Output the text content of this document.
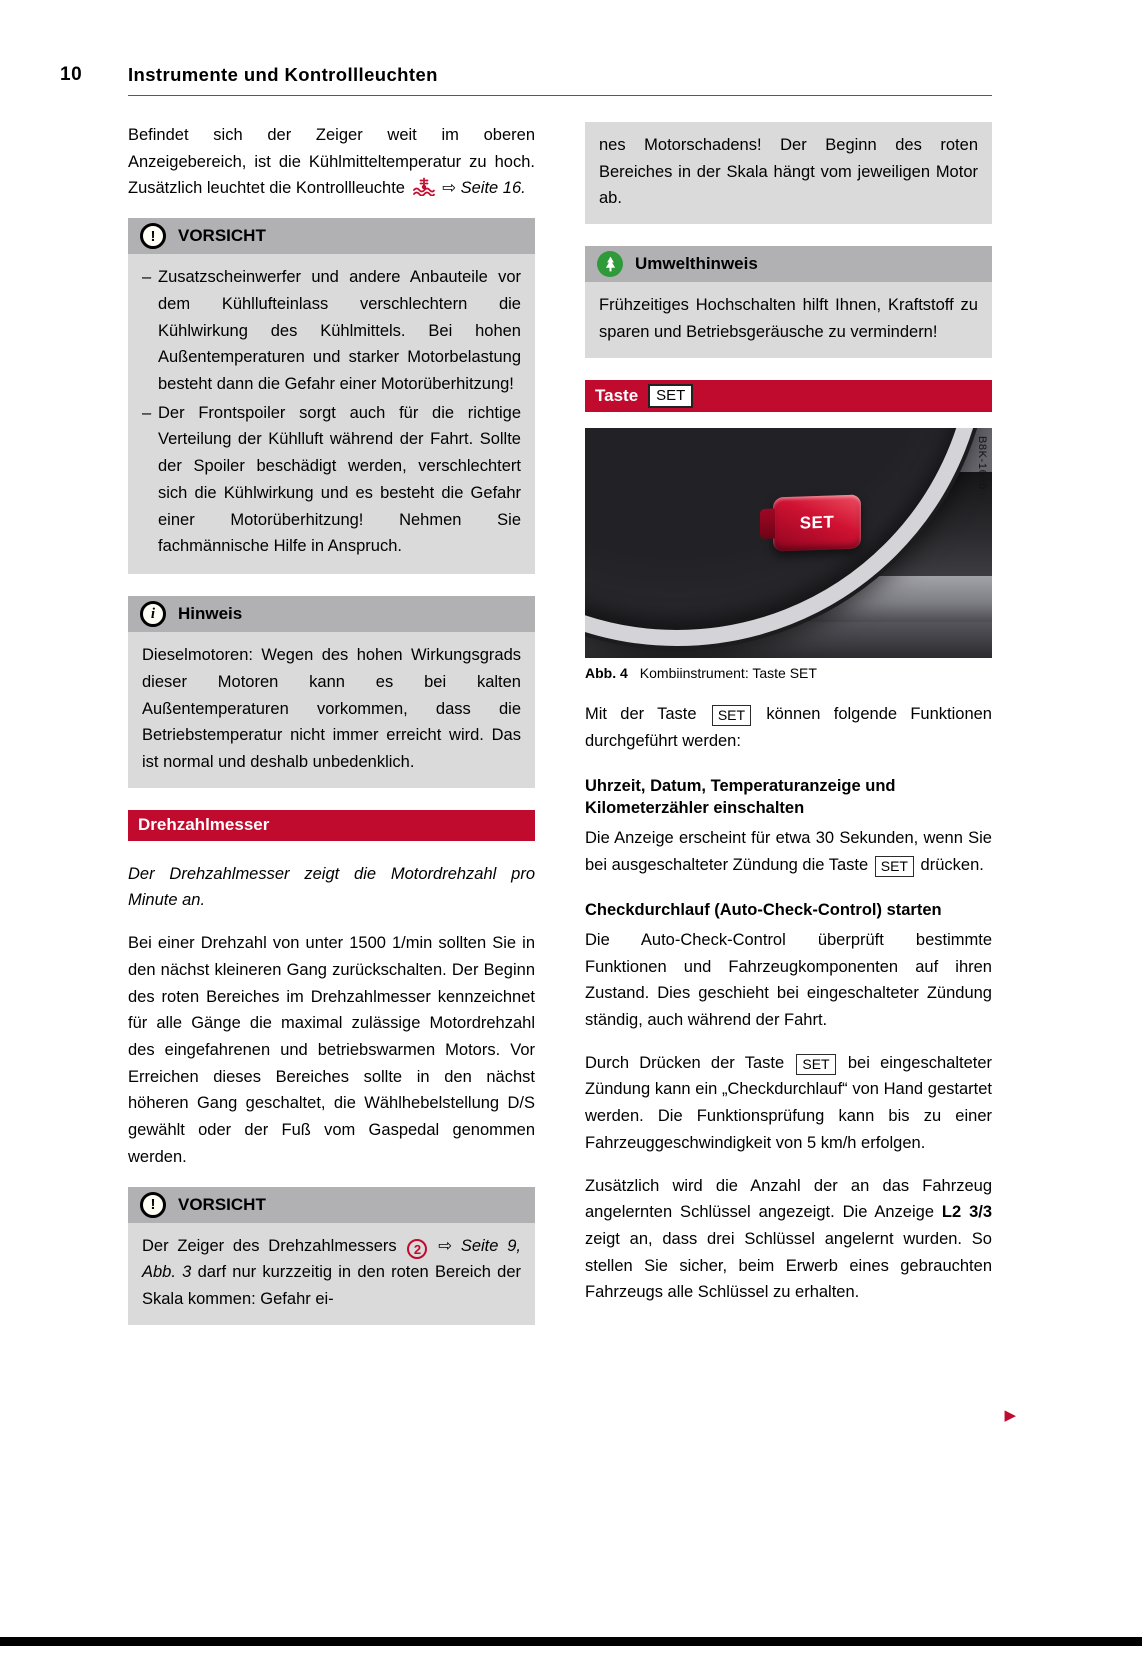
10 Instrumente und Kontrollleuchten

Befindet sich der Zeiger weit im oberen Anzeigebereich, ist die Kühlmitteltemperatur zu hoch. Zusätzlich leuchtet die Kontrollleuchte ⇨ Seite 16.

! VORSICHT
– Zusatzscheinwerfer und andere Anbauteile vor dem Kühllufteinlass verschlechtern die Kühlwirkung des Kühlmittels. Bei hohen Außentemperaturen und starker Motorbelastung besteht dann die Gefahr einer Motorüberhitzung!
– Der Frontspoiler sorgt auch für die richtige Verteilung der Kühlluft während der Fahrt. Sollte der Spoiler beschädigt werden, verschlechtert sich die Kühlwirkung und es besteht die Gefahr einer Motorüberhitzung! Nehmen Sie fachmännische Hilfe in Anspruch.
i Hinweis
Dieselmotoren: Wegen des hohen Wirkungsgrads dieser Motoren kann es bei kalten Außentemperaturen vorkommen, dass die Betriebstemperatur nicht immer erreicht wird. Das ist normal und deshalb unbedenklich.
Drehzahlmesser

Der Drehzahlmesser zeigt die Motordrehzahl pro Minute an.

Bei einer Drehzahl von unter 1500 1/min sollten Sie in den nächst kleineren Gang zurückschalten. Der Beginn des roten Bereiches im Drehzahlmesser kennzeichnet für alle Gänge die maximal zulässige Motordrehzahl des eingefahrenen und betriebswarmen Motors. Vor Erreichen dieses Bereiches sollte in den nächst höheren Gang geschaltet, die Wählhebelstellung D/S gewählt oder der Fuß vom Gaspedal genommen werden.

! VORSICHT
Der Zeiger des Drehzahlmessers 2 ⇨ Seite 9, Abb. 3 darf nur kurzzeitig in den roten Bereich der Skala kommen: Gefahr ei-
nes Motorschadens! Der Beginn des roten Bereiches in der Skala hängt vom jeweiligen Motor ab.
Umwelthinweis
Frühzeitiges Hochschalten hilft Ihnen, Kraftstoff zu sparen und Betriebsgeräusche zu vermindern!
Taste	SET
SET
B8K-1600
Abb. 4 Kombiinstrument: Taste SET

Mit der Taste SET können folgende Funktionen durchgeführt werden:

Uhrzeit, Datum, Temperaturanzeige und Kilometerzähler einschalten

Die Anzeige erscheint für etwa 30 Sekunden, wenn Sie bei ausgeschalteter Zündung die Taste SET drücken.

Checkdurchlauf (Auto-Check-Control) starten

Die Auto-Check-Control überprüft bestimmte Funktionen und Fahrzeugkomponenten auf ihren Zustand. Dies geschieht bei eingeschalteter Zündung ständig, auch während der Fahrt.

Durch Drücken der Taste SET bei eingeschalteter Zündung kann ein „Checkdurchlauf“ von Hand gestartet werden. Die Funktionsprüfung kann bis zu einer Fahrzeuggeschwindigkeit von 5 km/h erfolgen.

Zusätzlich wird die Anzahl der an das Fahrzeug angelernten Schlüssel angezeigt. Die Anzeige L2 3/3 zeigt an, dass drei Schlüssel angelernt wurden. So stellen Sie sicher, beim Erwerb eines gebrauchten Fahrzeugs alle Schlüssel zu erhalten.

▶
